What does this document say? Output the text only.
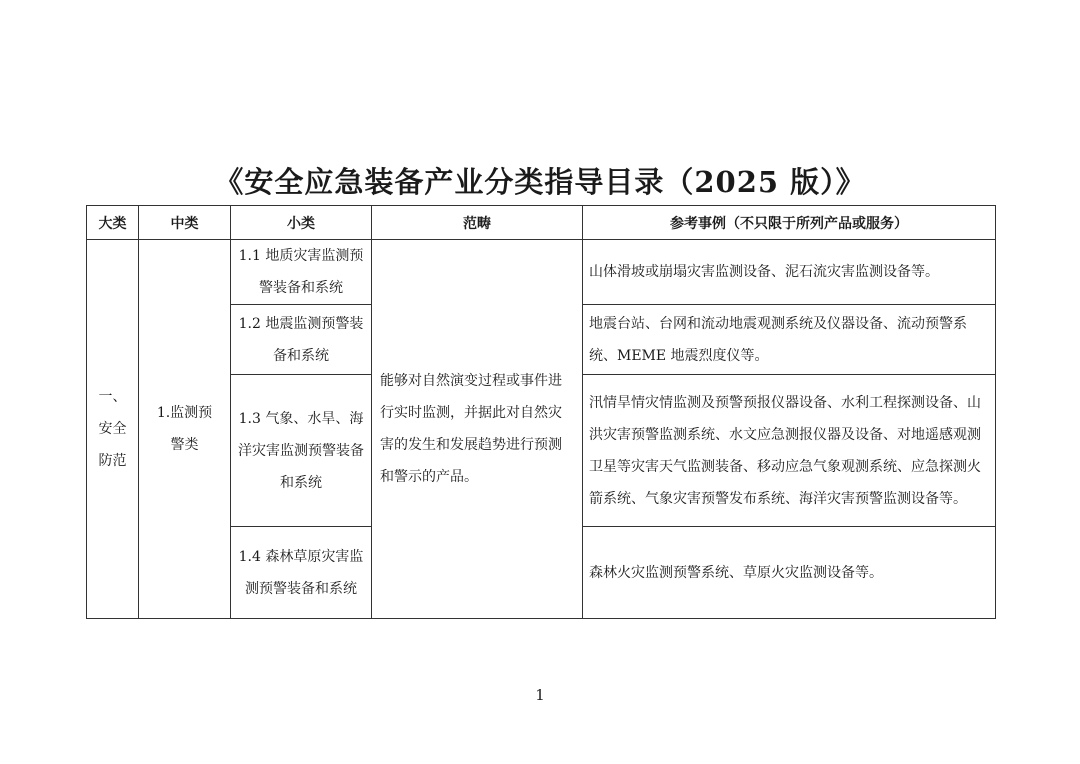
《安全应急装备产业分类指导目录（2025 版）》
大类	中类	小类	范畴	参考事例（不只限于所列产品或服务）
一、安全防范	1.监测预警类	1.1 地质灾害监测预警装备和系统	能够对自然演变过程或事件进行实时监测，并据此对自然灾害的发生和发展趋势进行预测和警示的产品。	山体滑坡或崩塌灾害监测设备、泥石流灾害监测设备等。
		1.2 地震监测预警装备和系统		地震台站、台网和流动地震观测系统及仪器设备、流动预警系统、MEME 地震烈度仪等。
		1.3 气象、水旱、海洋灾害监测预警装备和系统		汛情旱情灾情监测及预警预报仪器设备、水利工程探测设备、山洪灾害预警监测系统、水文应急测报仪器及设备、对地遥感观测卫星等灾害天气监测装备、移动应急气象观测系统、应急探测火箭系统、气象灾害预警发布系统、海洋灾害预警监测设备等。
		1.4 森林草原灾害监测预警装备和系统		森林火灾监测预警系统、草原火灾监测设备等。
1
